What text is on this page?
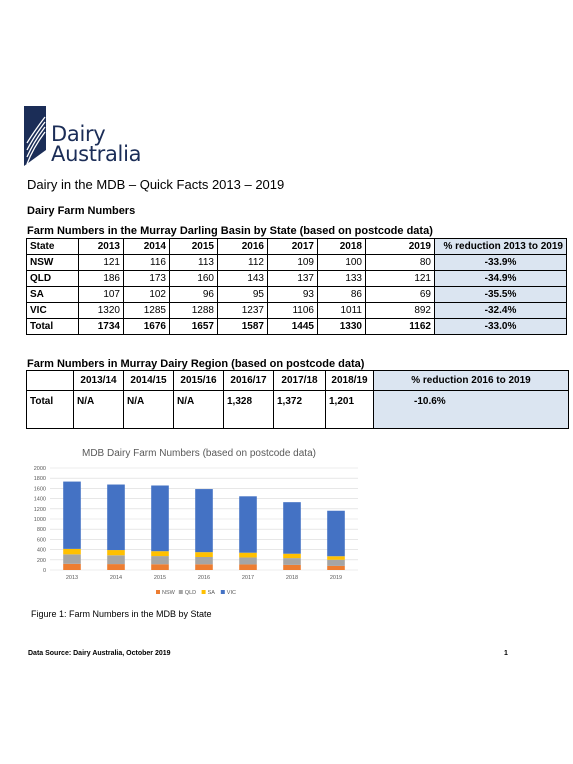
Dairy
Australia
Dairy in the MDB – Quick Facts 2013 – 2019
Dairy Farm Numbers
Farm Numbers in the Murray Darling Basin by State (based on postcode data)
State	2013	2014	2015	2016	2017	2018	2019	% reduction 2013 to 2019
NSW	121	116	113	112	109	100	80	-33.9%
QLD	186	173	160	143	137	133	121	-34.9%
SA	107	102	96	95	93	86	69	-35.5%
VIC	1320	1285	1288	1237	1106	1011	892	-32.4%
Total	1734	1676	1657	1587	1445	1330	1162	-33.0%
Farm Numbers in Murray Dairy Region (based on postcode data)
	2013/14	2014/15	2015/16	2016/17	2017/18	2018/19	% reduction 2016 to 2019
Total	N/A	N/A	N/A	1,328	1,372	1,201	-10.6%
MDB Dairy Farm Numbers (based on postcode data)
0
200
400
600
800
1000
1200
1400
1600
1800
2000
2013	2014	2015	2016	2017	2018	2019
NSW QLD SA VIC
Figure 1: Farm Numbers in the MDB by State
Data Source: Dairy Australia, October 2019	1
